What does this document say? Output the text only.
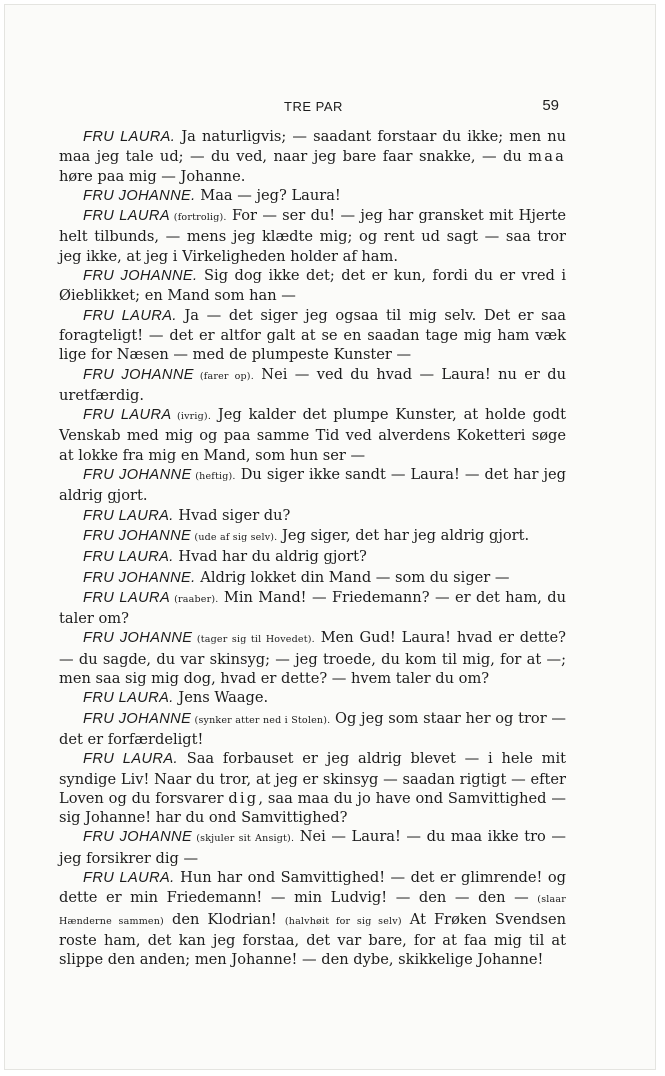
TRE PAR	59

FRU LAURA. Ja naturligvis; — saadant forstaar du ikke; men nu maa jeg tale ud; — du ved, naar jeg bare faar snakke, — du maa høre paa mig — Johanne.

FRU JOHANNE. Maa — jeg? Laura!

FRU LAURA (fortrolig). For — ser du! — jeg har gransket mit Hjerte helt tilbunds, — mens jeg klædte mig; og rent ud sagt — saa tror jeg ikke, at jeg i Virkeligheden holder af ham.

FRU JOHANNE. Sig dog ikke det; det er kun, fordi du er vred i Øieblikket; en Mand som han —

FRU LAURA. Ja — det siger jeg ogsaa til mig selv. Det er saa foragteligt! — det er altfor galt at se en saadan tage mig ham væk lige for Næsen — med de plumpeste Kunster —

FRU JOHANNE (farer op). Nei — ved du hvad — Laura! nu er du uretfærdig.

FRU LAURA (ivrig). Jeg kalder det plumpe Kunster, at holde godt Venskab med mig og paa samme Tid ved alverdens Koketteri søge at lokke fra mig en Mand, som hun ser —

FRU JOHANNE (heftig). Du siger ikke sandt — Laura! — det har jeg aldrig gjort.

FRU LAURA. Hvad siger du?

FRU JOHANNE (ude af sig selv). Jeg siger, det har jeg aldrig gjort.

FRU LAURA. Hvad har du aldrig gjort?

FRU JOHANNE. Aldrig lokket din Mand — som du siger —

FRU LAURA (raaber). Min Mand! — Friedemann? — er det ham, du taler om?

FRU JOHANNE (tager sig til Hovedet). Men Gud! Laura! hvad er dette? — du sagde, du var skinsyg; — jeg troede, du kom til mig, for at —; men saa sig mig dog, hvad er dette? — hvem taler du om?

FRU LAURA. Jens Waage.

FRU JOHANNE (synker atter ned i Stolen). Og jeg som staar her og tror — det er forfærdeligt!

FRU LAURA. Saa forbauset er jeg aldrig blevet — i hele mit syndige Liv! Naar du tror, at jeg er skinsyg — saadan rigtigt — efter Loven og du forsvarer dig, saa maa du jo have ond Samvittighed — sig Johanne! har du ond Samvittighed?

FRU JOHANNE (skjuler sit Ansigt). Nei — Laura! — du maa ikke tro — jeg forsikrer dig —

FRU LAURA. Hun har ond Samvittighed! — det er glimrende! og dette er min Friedemann! — min Ludvig! — den — den — (slaar Hænderne sammen) den Klodrian! (halvhøit for sig selv) At Frøken Svendsen roste ham, det kan jeg forstaa, det var bare, for at faa mig til at slippe den anden; men Johanne! — den dybe, skikkelige Johanne!
